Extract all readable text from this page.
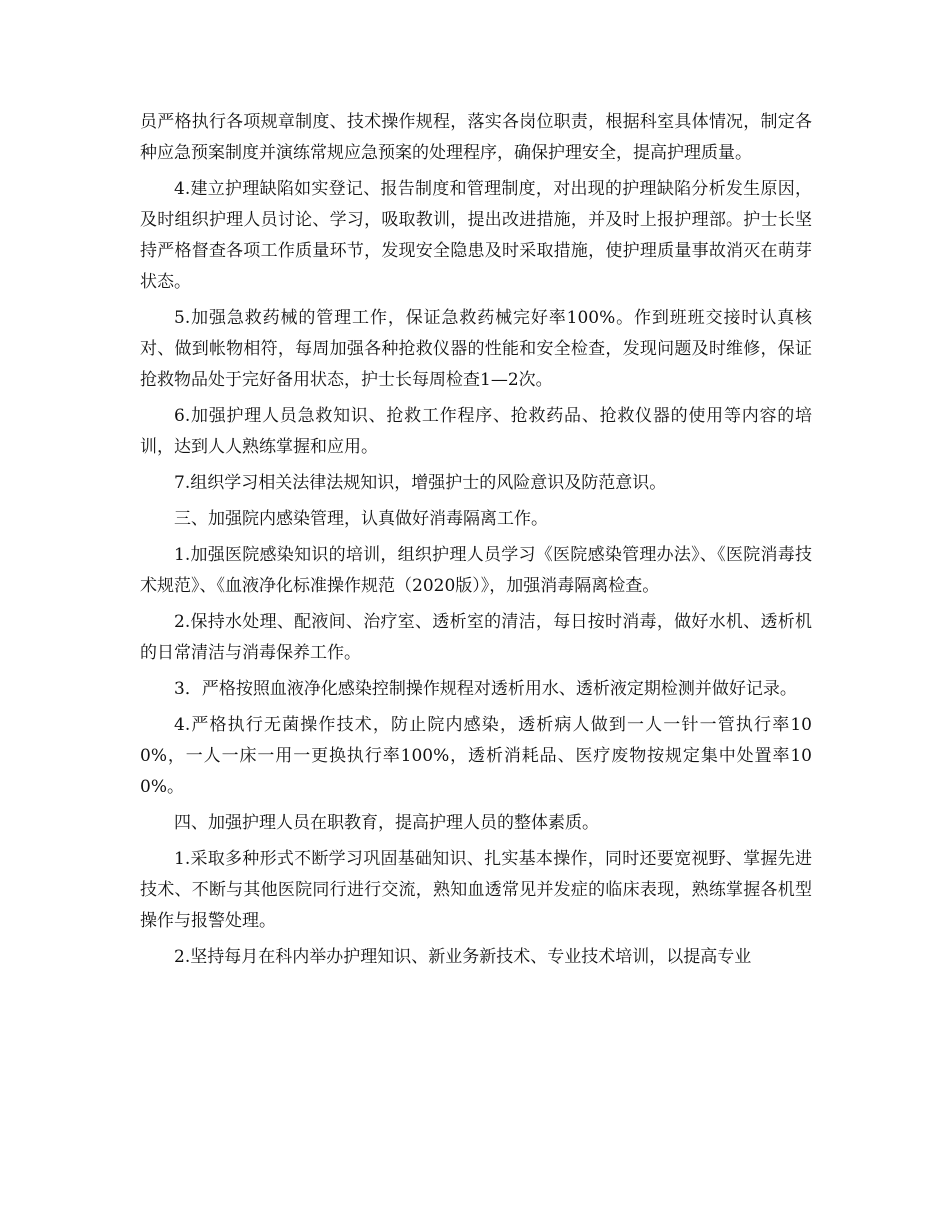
员严格执行各项规章制度、技术操作规程，落实各岗位职责，根据科室具体情况，制定各种应急预案制度并演练常规应急预案的处理程序，确保护理安全，提高护理质量。

4.建立护理缺陷如实登记、报告制度和管理制度，对出现的护理缺陷分析发生原因，及时组织护理人员讨论、学习，吸取教训，提出改进措施，并及时上报护理部。护士长坚持严格督查各项工作质量环节，发现安全隐患及时采取措施，使护理质量事故消灭在萌芽状态。

5.加强急救药械的管理工作，保证急救药械完好率100%。作到班班交接时认真核对、做到帐物相符，每周加强各种抢救仪器的性能和安全检查，发现问题及时维修，保证抢救物品处于完好备用状态，护士长每周检查1—2次。

6.加强护理人员急救知识、抢救工作程序、抢救药品、抢救仪器的使用等内容的培训，达到人人熟练掌握和应用。

7.组织学习相关法律法规知识，增强护士的风险意识及防范意识。

三、加强院内感染管理，认真做好消毒隔离工作。

1.加强医院感染知识的培训，组织护理人员学习《医院感染管理办法》、《医院消毒技术规范》、《血液净化标准操作规范（2020版）》，加强消毒隔离检查。

2.保持水处理、配液间、治疗室、透析室的清洁，每日按时消毒，做好水机、透析机的日常清洁与消毒保养工作。

3．严格按照血液净化感染控制操作规程对透析用水、透析液定期检测并做好记录。

4.严格执行无菌操作技术，防止院内感染，透析病人做到一人一针一管执行率100%，一人一床一用一更换执行率100%，透析消耗品、医疗废物按规定集中处置率100%。

四、加强护理人员在职教育，提高护理人员的整体素质。

1.采取多种形式不断学习巩固基础知识、扎实基本操作，同时还要宽视野、掌握先进技术、不断与其他医院同行进行交流，熟知血透常见并发症的临床表现，熟练掌握各机型操作与报警处理。

2.坚持每月在科内举办护理知识、新业务新技术、专业技术培训，以提高专业
